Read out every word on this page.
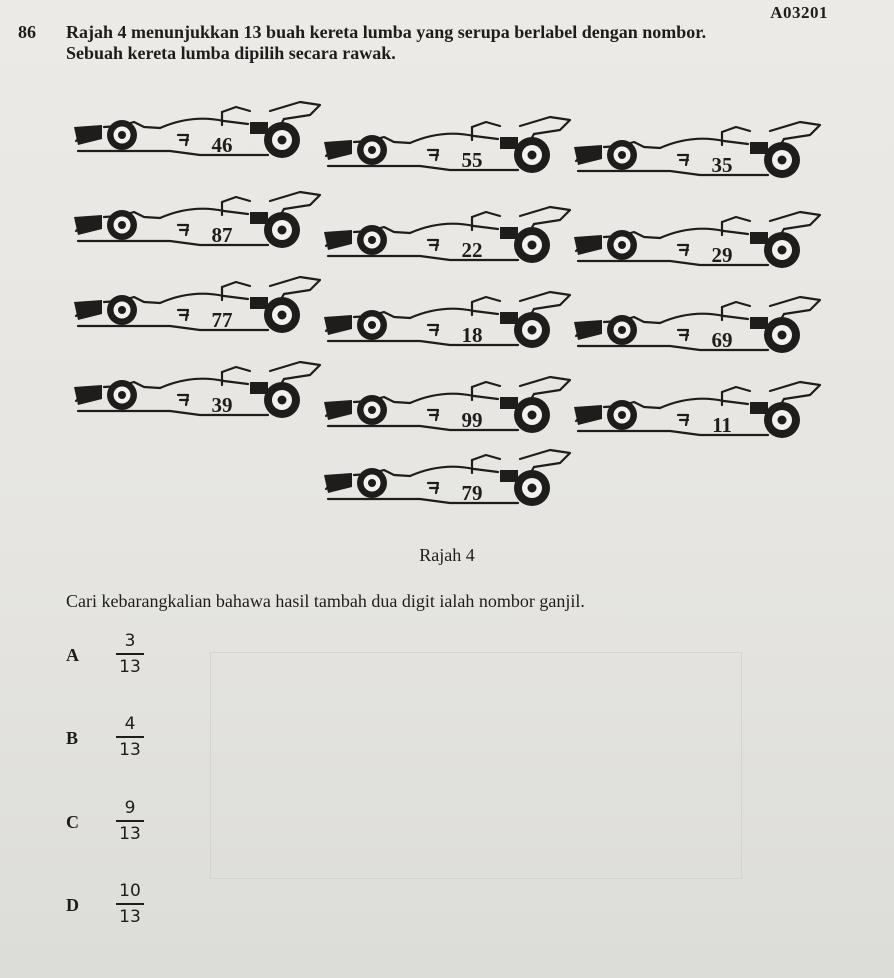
A03201
86 Rajah 4 menunjukkan 13 buah kereta lumba yang serupa berlabel dengan nombor.

Sebuah kereta lumba dipilih secara rawak.

46
55	35
87
22	29
77
18	69
39
99	11
79
Rajah 4
Cari kebarangkalian bahawa hasil tambah dua digit ialah nombor ganjil.
A
3
13
B
4
13
C
9
13
D
10
13
